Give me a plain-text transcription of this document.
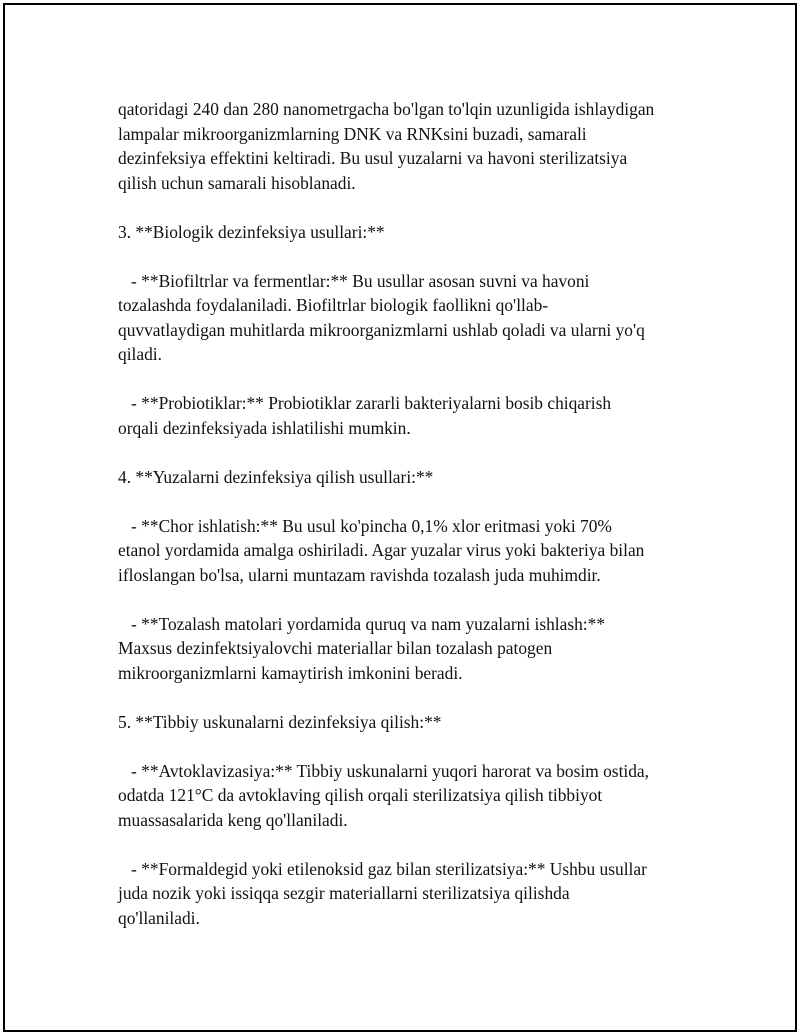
qatoridagi 240 dan 280 nanometrgacha bo'lgan to'lqin uzunligida ishlaydigan
lampalar mikroorganizmlarning DNK va RNKsini buzadi, samarali
dezinfeksiya effektini keltiradi. Bu usul yuzalarni va havoni sterilizatsiya
qilish uchun samarali hisoblanadi.
3. **Biologik dezinfeksiya usullari:**
- **Biofiltrlar va fermentlar:** Bu usullar asosan suvni va havoni
tozalashda foydalaniladi. Biofiltrlar biologik faollikni qo'llab-
quvvatlaydigan muhitlarda mikroorganizmlarni ushlab qoladi va ularni yo'q
qiladi.
- **Probiotiklar:** Probiotiklar zararli bakteriyalarni bosib chiqarish
orqali dezinfeksiyada ishlatilishi mumkin.
4. **Yuzalarni dezinfeksiya qilish usullari:**
- **Chor ishlatish:** Bu usul ko'pincha 0,1% xlor eritmasi yoki 70%
etanol yordamida amalga oshiriladi. Agar yuzalar virus yoki bakteriya bilan
ifloslangan bo'lsa, ularni muntazam ravishda tozalash juda muhimdir.
- **Tozalash matolari yordamida quruq va nam yuzalarni ishlash:**
Maxsus dezinfektsiyalovchi materiallar bilan tozalash patogen
mikroorganizmlarni kamaytirish imkonini beradi.
5. **Tibbiy uskunalarni dezinfeksiya qilish:**
- **Avtoklavizasiya:** Tibbiy uskunalarni yuqori harorat va bosim ostida,
odatda 121°C da avtoklaving qilish orqali sterilizatsiya qilish tibbiyot
muassasalarida keng qo'llaniladi.
- **Formaldegid yoki etilenoksid gaz bilan sterilizatsiya:** Ushbu usullar
juda nozik yoki issiqqa sezgir materiallarni sterilizatsiya qilishda
qo'llaniladi.
